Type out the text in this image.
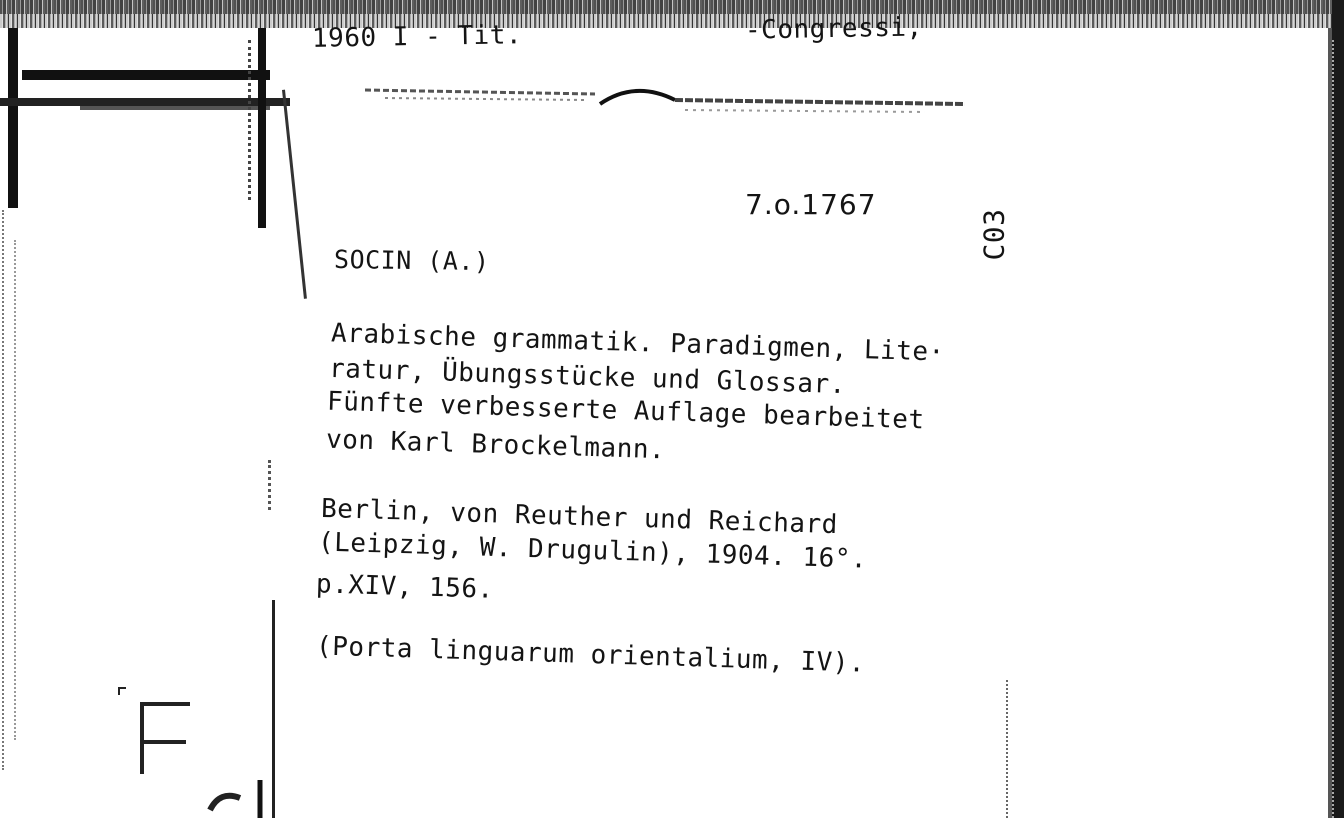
1960 I - Tit.	‐Congressi,
7.o.1767
C03
SOCIN (A.)
Arabische grammatik. Paradigmen, Lite·
ratur, Übungsstücke und Glossar.
Fünfte verbesserte Auflage bearbeitet
von Karl Brockelmann.
Berlin, von Reuther und Reichard
(Leipzig, W. Drugulin), 1904. 16°.
p.XIV, 156.
(Porta linguarum orientalium, IV).
